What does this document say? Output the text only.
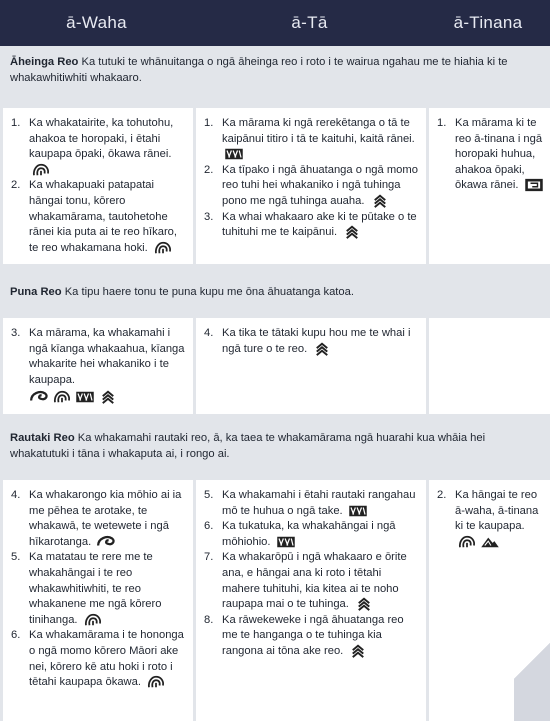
ā-Waha	ā-Tā	ā-Tinana
Āheinga Reo Ka tutuki te whānuitanga o ngā āheinga reo i roto i te wairua ngahau me te hiahia ki te whakawhitiwhiti whakaaro.
1. Ka whakatairite, ka tohutohu, ahakoa te horopaki, i ētahi kaupapa ōpaki, ōkawa rānei.
2. Ka whakapuaki patapatai hāngai tonu, kōrero whakamārama, tautohetohe rānei kia puta ai te reo hīkaro, te reo whakamana hoki.
1. Ka mārama ki ngā rerekētanga o tā te kaipānui titiro i tā te kaituhi, kaitā rānei.
2. Ka tīpako i ngā āhuatanga o ngā momo reo tuhi hei whakaniko i ngā tuhinga pono me ngā tuhinga auaha.
3. Ka whai whakaaro ake ki te pūtake o te tuhituhi me te kaipānui.
1. Ka mārama ki te reo ā-tinana i ngā horopaki huhua, ahakoa ōpaki, ōkawa rānei.
Puna Reo Ka tipu haere tonu te puna kupu me ōna āhuatanga katoa.
3. Ka mārama, ka whakamahi i ngā kīanga whakaahua, kīanga whakarite hei whakaniko i te kaupapa.
4. Ka tika te tātaki kupu hou me te whai i ngā ture o te reo.
Rautaki Reo Ka whakamahi rautaki reo, ā, ka taea te whakamārama ngā huarahi kua whāia hei whakatutuki i tāna i whakaputa ai, i rongo ai.
4. Ka whakarongo kia mōhio ai ia me pēhea te arotake, te whakawā, te wetewete i ngā hīkarotanga.
5. Ka matatau te rere me te whakahāngai i te reo whakawhitiwhiti, te reo whakanene me ngā kōrero tinihanga.
6. Ka whakamārama i te hononga o ngā momo kōrero Māori ake nei, kōrero kē atu hoki i roto i tētahi kaupapa ōkawa.
5. Ka whakamahi i ētahi rautaki rangahau mō te huhua o ngā take.
6. Ka tukatuka, ka whakahāngai i ngā mōhiohio.
7. Ka whakarōpū i ngā whakaaro e ōrite ana, e hāngai ana ki roto i tētahi mahere tuhituhi, kia kitea ai te noho raupapa mai o te tuhinga.
8. Ka rāwekeweke i ngā āhuatanga reo me te hanganga o te tuhinga kia rangona ai tōna ake reo.
2. Ka hāngai te reo ā-waha, ā-tinana ki te kaupapa.
